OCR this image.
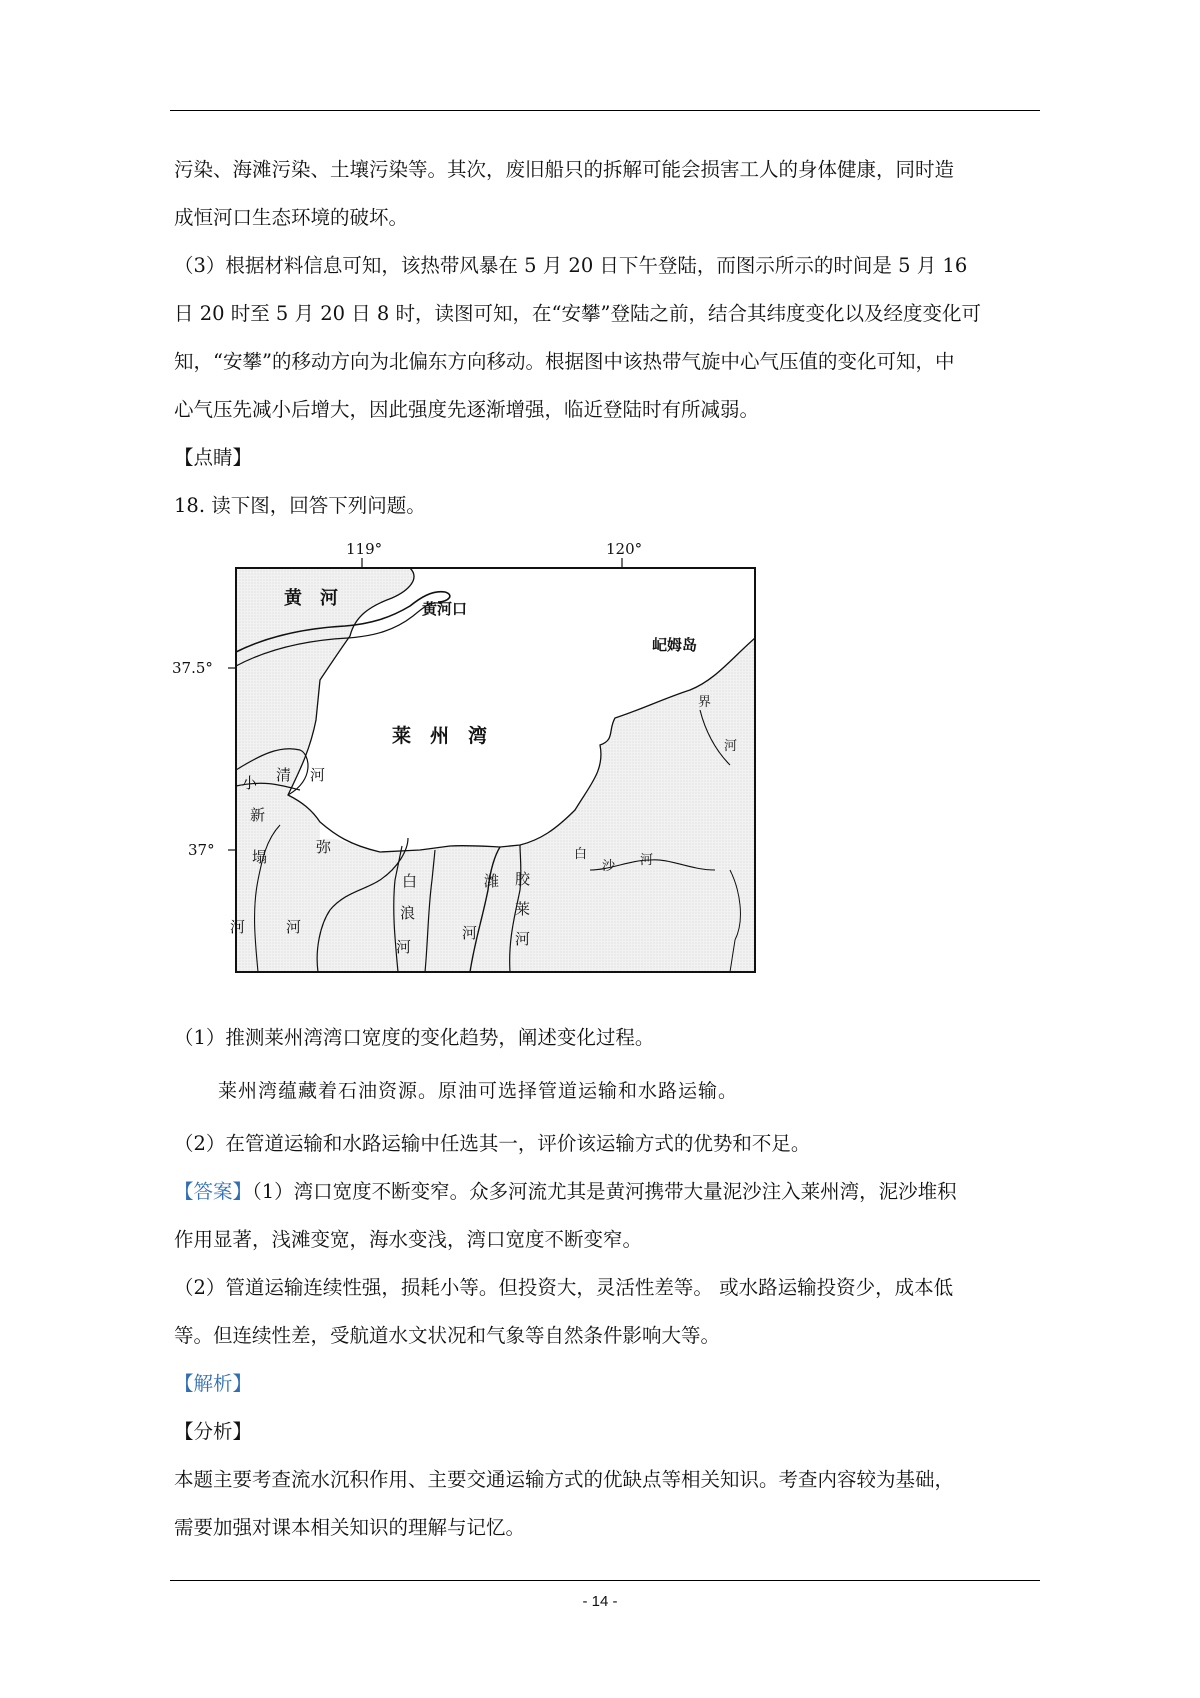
污染、海滩污染、土壤污染等。其次，废旧船只的拆解可能会损害工人的身体健康，同时造

成恒河口生态环境的破坏。

（3）根据材料信息可知，该热带风暴在 5 月 20 日下午登陆，而图示所示的时间是 5 月 16

日 20 时至 5 月 20 日 8 时，读图可知，在“安攀”登陆之前，结合其纬度变化以及经度变化可

知，“安攀”的移动方向为北偏东方向移动。根据图中该热带气旋中心气压值的变化可知，中

心气压先减小后增大，因此强度先逐渐增强，临近登陆时有所减弱。

【点睛】

18. 读下图，回答下列问题。

119°	120°
37.5°
37°
黄　河	黄河口
屺姆岛
莱　州　湾
小 清 河
新
塌
河
弥
河
白
浪
河
潍
河
胶
莱
河
白
沙 河
界
河

（1）推测莱州湾湾口宽度的变化趋势，阐述变化过程。

莱州湾蕴藏着石油资源。原油可选择管道运输和水路运输。

（2）在管道运输和水路运输中任选其一，评价该运输方式的优势和不足。

【答案】（1）湾口宽度不断变窄。众多河流尤其是黄河携带大量泥沙注入莱州湾，泥沙堆积

作用显著，浅滩变宽，海水变浅，湾口宽度不断变窄。

（2）管道运输连续性强，损耗小等。但投资大，灵活性差等。 或水路运输投资少，成本低

等。但连续性差，受航道水文状况和气象等自然条件影响大等。

【解析】

【分析】

本题主要考查流水沉积作用、主要交通运输方式的优缺点等相关知识。考查内容较为基础，

需要加强对课本相关知识的理解与记忆。

- 14 -
